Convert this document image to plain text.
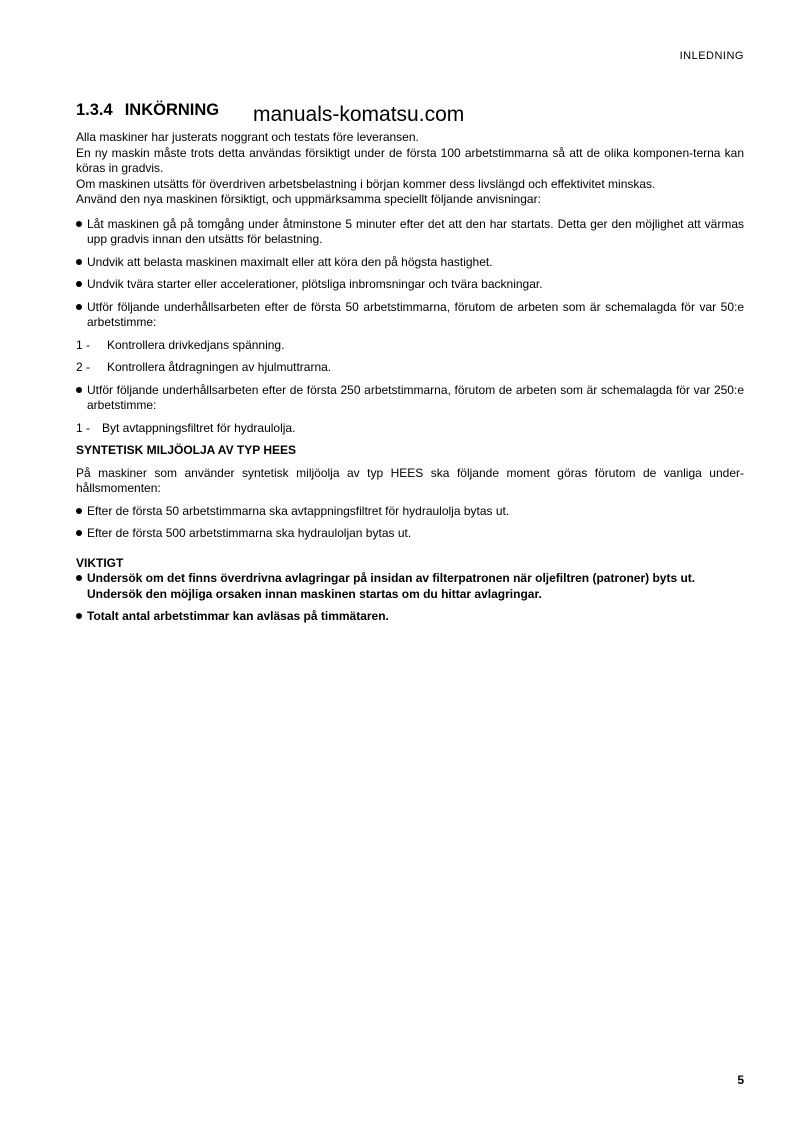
INLEDNING
1.3.4 INKÖRNING manuals-komatsu.com

Alla maskiner har justerats noggrant och testats före leveransen.

En ny maskin måste trots detta användas försiktigt under de första 100 arbetstimmarna så att de olika komponen-terna kan köras in gradvis.

Om maskinen utsätts för överdriven arbetsbelastning i början kommer dess livslängd och effektivitet minskas.

Använd den nya maskinen försiktigt, och uppmärksamma speciellt följande anvisningar:

Låt maskinen gå på tomgång under åtminstone 5 minuter efter det att den har startats. Detta ger den möjlighet att värmas upp gradvis innan den utsätts för belastning.
Undvik att belasta maskinen maximalt eller att köra den på högsta hastighet.
Undvik tvära starter eller accelerationer, plötsliga inbromsningar och tvära backningar.
Utför följande underhållsarbeten efter de första 50 arbetstimmarna, förutom de arbeten som är schemalagda för var 50:e arbetstimme:
1 -	Kontrollera drivkedjans spänning.
2 -	Kontrollera åtdragningen av hjulmuttrarna.
Utför följande underhållsarbeten efter de första 250 arbetstimmarna, förutom de arbeten som är schemalagda för var 250:e arbetstimme:
1 - Byt avtappningsfiltret för hydraulolja.
SYNTETISK MILJÖOLJA AV TYP HEES

På maskiner som använder syntetisk miljöolja av typ HEES ska följande moment göras förutom de vanliga under-hållsmomenten:

Efter de första 50 arbetstimmarna ska avtappningsfiltret för hydraulolja bytas ut.
Efter de första 500 arbetstimmarna ska hydrauloljan bytas ut.
VIKTIGT
Undersök om det finns överdrivna avlagringar på insidan av filterpatronen när oljefiltren (patroner) byts ut.
Undersök den möjliga orsaken innan maskinen startas om du hittar avlagringar.
Totalt antal arbetstimmar kan avläsas på timmätaren.
5
